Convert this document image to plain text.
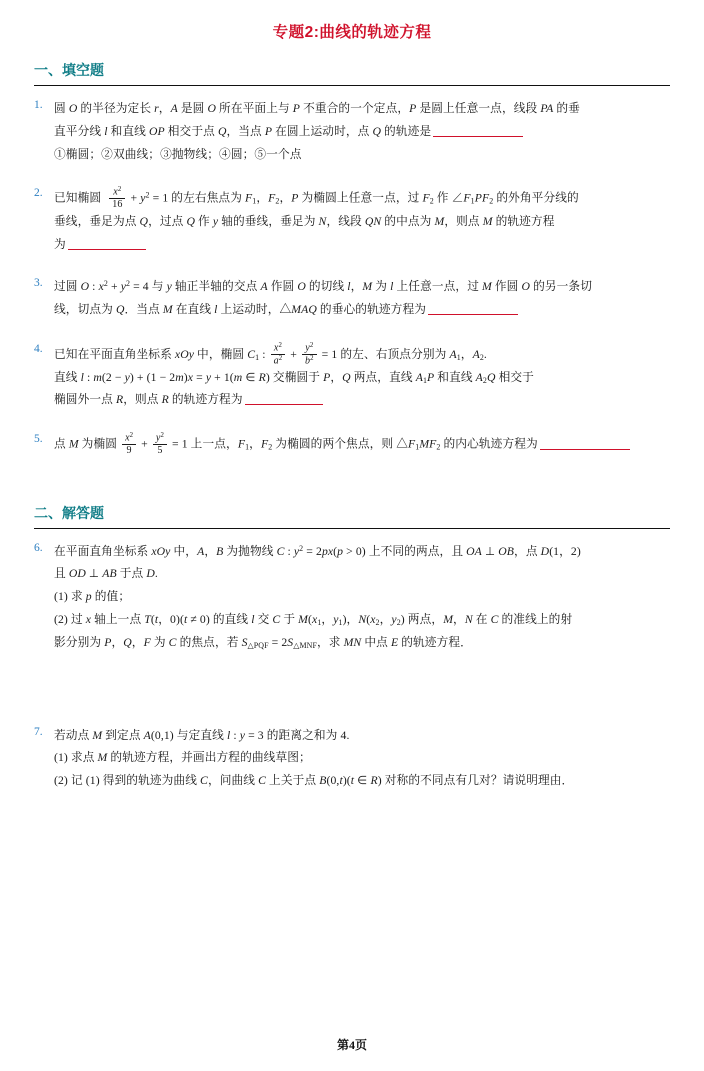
专题2:曲线的轨迹方程
一、填空题
1. 圆 O 的半径为定长 r，A 是圆 O 所在平面上与 P 不重合的一个定点，P 是圆上任意一点，线段 PA 的垂
直平分线 l 和直线 OP 相交于点 Q，当点 P 在圆上运动时，点 Q 的轨迹是
①椭圆；②双曲线；③抛物线；④圆；⑤一个点
2. 已知椭圆 $\frac{x^2}{16} + y^2 = 1$ 的左右焦点为 $F_1$，$F_2$，P 为椭圆上任意一点，过 $F_2$ 作 $\angle F_1PF_2$ 的外角平分线的
垂线，垂足为点 Q，过点 Q 作 y 轴的垂线，垂足为 N，线段 QN 的中点为 M，则点 M 的轨迹方程
为
3. 过圆 O : $x^2 + y^2 = 4$ 与 y 轴正半轴的交点 A 作圆 O 的切线 l，M 为 l 上任意一点，过 M 作圆 O 的另一条切
线，切点为 Q．当点 M 在直线 l 上运动时，△MAQ 的垂心的轨迹方程为
4. 已知在平面直角坐标系 xOy 中，椭圆 $C_1$ : $\frac{x^2}{a^2} + \frac{y^2}{b^2} = 1$ 的左、右顶点分别为 $A_1$，$A_2$.
直线 l : m(2 − y) + (1 − 2m)x = y + 1(m ∈ R) 交椭圆于 P，Q 两点，直线 $A_1P$ 和直线 $A_2Q$ 相交于
椭圆外一点 R，则点 R 的轨迹方程为
5. 点 M 为椭圆 $\frac{x^2}{9} + \frac{y^2}{5} = 1$ 上一点，$F_1$，$F_2$ 为椭圆的两个焦点，则 $\triangle F_1MF_2$ 的内心轨迹方程为
二、解答题
6. 在平面直角坐标系 xOy 中，A，B 为抛物线 C : $y^2 = 2px(p > 0)$ 上不同的两点，且 OA ⊥ OB，点 D(1，2)
且 OD ⊥ AB 于点 D.
(1) 求 p 的值；
(2) 过 x 轴上一点 T(t，0)(t ≠ 0) 的直线 l 交 C 于 $M(x_1$，$y_1$)，$N(x_2$，$y_2$) 两点，M，N 在 C 的准线上的射
影分别为 P，Q，F 为 C 的焦点，若 $S_{\triangle PQF} = 2S_{\triangle MNF}$，求 MN 中点 E 的轨迹方程．
7. 若动点 M 到定点 A(0,1) 与定直线 l : y = 3 的距离之和为 4.
(1) 求点 M 的轨迹方程，并画出方程的曲线草图；
(2) 记 (1) 得到的轨迹为曲线 C，问曲线 C 上关于点 B(0,t)(t ∈ R) 对称的不同点有几对？请说明理由．
第4页
